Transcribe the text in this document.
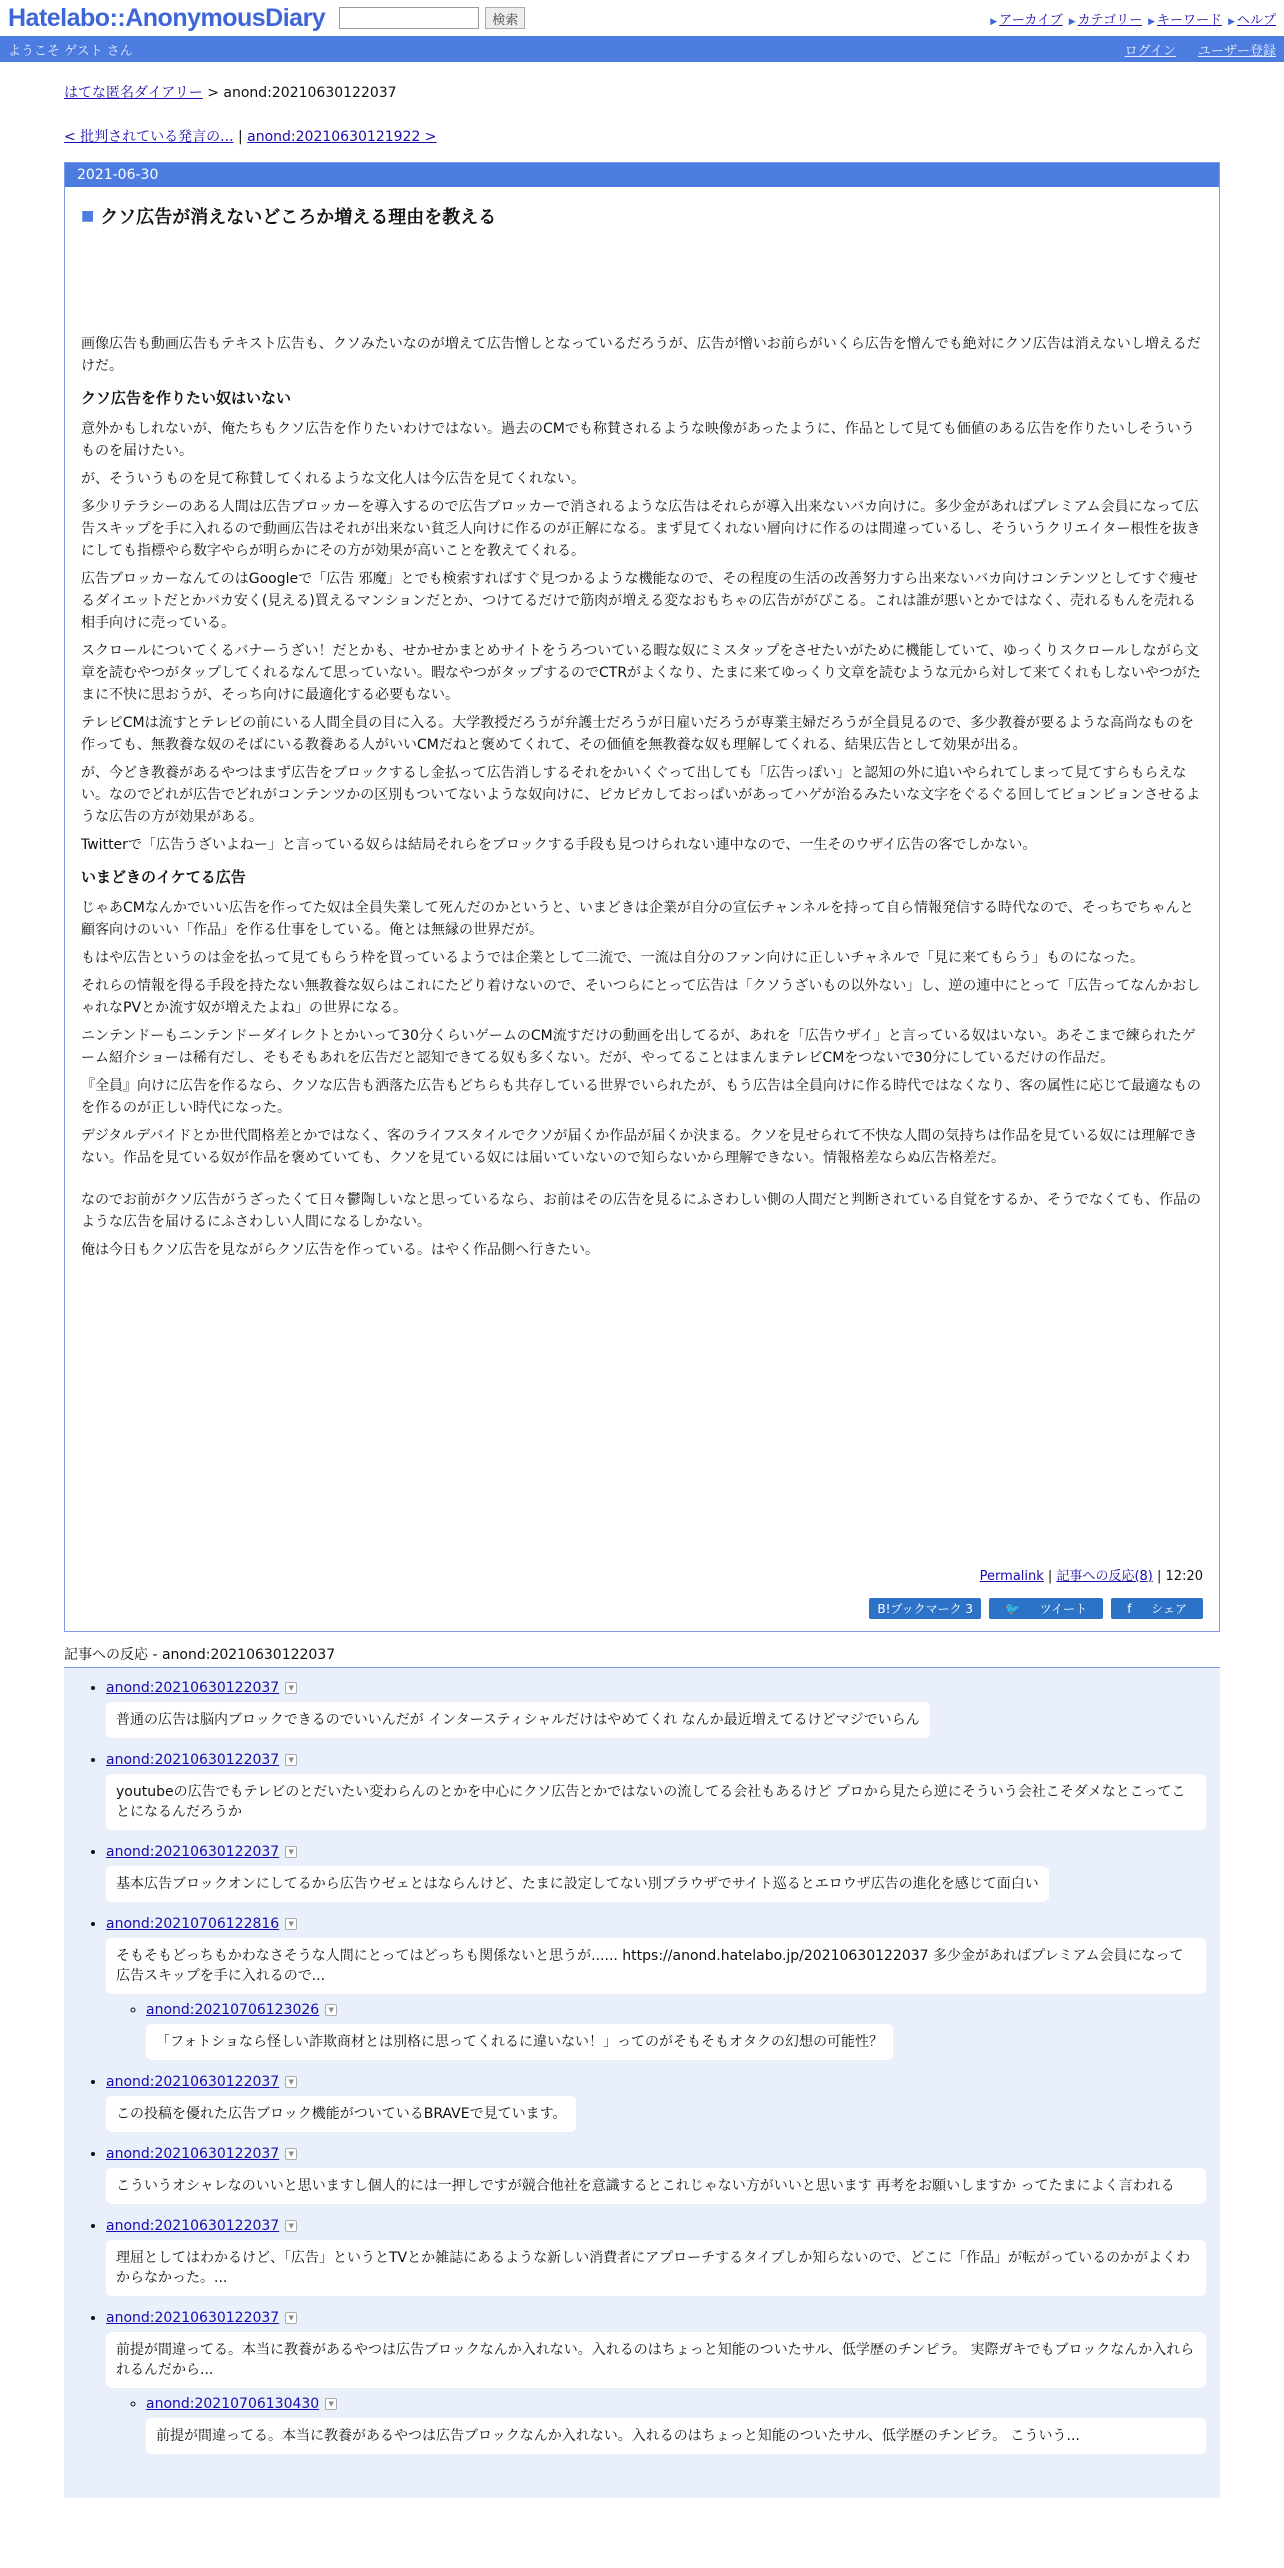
Hatelabo::AnonymousDiary	検索	▶ アーカイブ ▶ カテゴリー ▶ キーワード ▶ ヘルプ
ようこそ ゲスト さん	ログイン ユーザー登録
はてな匿名ダイアリー > anond:20210630122037
< 批判されている発言の... | anond:20210630121922 >
2021-06-30
■ クソ広告が消えないどころか増える理由を教える

画像広告も動画広告もテキスト広告も、クソみたいなのが増えて広告憎しとなっているだろうが、広告が憎いお前らがいくら広告を憎んでも絶対にクソ広告は消えないし増えるだけだ。

クソ広告を作りたい奴はいない

意外かもしれないが、俺たちもクソ広告を作りたいわけではない。過去のCMでも称賛されるような映像があったように、作品として見ても価値のある広告を作りたいしそういうものを届けたい。

が、そういうものを見て称賛してくれるような文化人は今広告を見てくれない。

多少リテラシーのある人間は広告ブロッカーを導入するので広告ブロッカーで消されるような広告はそれらが導入出来ないバカ向けに。多少金があればプレミアム会員になって広告スキップを手に入れるので動画広告はそれが出来ない貧乏人向けに作るのが正解になる。まず見てくれない層向けに作るのは間違っているし、そういうクリエイター根性を抜きにしても指標やら数字やらが明らかにその方が効果が高いことを教えてくれる。

広告ブロッカーなんてのはGoogleで「広告 邪魔」とでも検索すればすぐ見つかるような機能なので、その程度の生活の改善努力すら出来ないバカ向けコンテンツとしてすぐ痩せるダイエットだとかバカ安く(見える)買えるマンションだとか、つけてるだけで筋肉が増える変なおもちゃの広告ががぴこる。これは誰が悪いとかではなく、売れるもんを売れる相手向けに売っている。

スクロールについてくるバナーうざい！だとかも、せかせかまとめサイトをうろついている暇な奴にミスタップをさせたいがために機能していて、ゆっくりスクロールしながら文章を読むやつがタップしてくれるなんて思っていない。暇なやつがタップするのでCTRがよくなり、たまに来てゆっくり文章を読むような元から対して来てくれもしないやつがたまに不快に思おうが、そっち向けに最適化する必要もない。

テレビCMは流すとテレビの前にいる人間全員の目に入る。大学教授だろうが弁護士だろうが日雇いだろうが専業主婦だろうが全員見るので、多少教養が要るような高尚なものを作っても、無教養な奴のそばにいる教養ある人がいいCMだねと褒めてくれて、その価値を無教養な奴も理解してくれる、結果広告として効果が出る。

が、今どき教養があるやつはまず広告をブロックするし金払って広告消しするそれをかいくぐって出しても「広告っぽい」と認知の外に追いやられてしまって見てすらもらえない。なのでどれが広告でどれがコンテンツかの区別もついてないような奴向けに、ピカピカしておっぱいがあってハゲが治るみたいな文字をぐるぐる回してビョンビョンさせるような広告の方が効果がある。

Twitterで「広告うざいよねー」と言っている奴らは結局それらをブロックする手段も見つけられない連中なので、一生そのウザイ広告の客でしかない。

いまどきのイケてる広告

じゃあCMなんかでいい広告を作ってた奴は全員失業して死んだのかというと、いまどきは企業が自分の宣伝チャンネルを持って自ら情報発信する時代なので、そっちでちゃんと顧客向けのいい「作品」を作る仕事をしている。俺とは無縁の世界だが。

もはや広告というのは金を払って見てもらう枠を買っているようでは企業として二流で、一流は自分のファン向けに正しいチャネルで「見に来てもらう」ものになった。

それらの情報を得る手段を持たない無教養な奴らはこれにたどり着けないので、そいつらにとって広告は「クソうざいもの以外ない」し、逆の連中にとって「広告ってなんかおしゃれなPVとか流す奴が増えたよね」の世界になる。

ニンテンドーもニンテンドーダイレクトとかいって30分くらいゲームのCM流すだけの動画を出してるが、あれを「広告ウザイ」と言っている奴はいない。あそこまで練られたゲーム紹介ショーは稀有だし、そもそもあれを広告だと認知できてる奴も多くない。だが、やってることはまんまテレビCMをつないで30分にしているだけの作品だ。

『全員』向けに広告を作るなら、クソな広告も洒落た広告もどちらも共存している世界でいられたが、もう広告は全員向けに作る時代ではなくなり、客の属性に応じて最適なものを作るのが正しい時代になった。

デジタルデバイドとか世代間格差とかではなく、客のライフスタイルでクソが届くか作品が届くか決まる。クソを見せられて不快な人間の気持ちは作品を見ている奴には理解できない。作品を見ている奴が作品を褒めていても、クソを見ている奴には届いていないので知らないから理解できない。情報格差ならぬ広告格差だ。

なのでお前がクソ広告がうざったくて日々鬱陶しいなと思っているなら、お前はその広告を見るにふさわしい側の人間だと判断されている自覚をするか、そうでなくても、作品のような広告を届けるにふさわしい人間になるしかない。

俺は今日もクソ広告を見ながらクソ広告を作っている。はやく作品側へ行きたい。

Permalink | 記事への反応(8) | 12:20
B!ブックマーク 3	🐦 ツイート	f シェア
記事への反応 - anond:20210630122037
• anond:20210630122037 ▼
普通の広告は脳内ブロックできるのでいいんだが インタースティシャルだけはやめてくれ なんか最近増えてるけどマジでいらん
• anond:20210630122037 ▼

youtubeの広告でもテレビのとだいたい変わらんのとかを中心にクソ広告とかではないの流してる会社もあるけど プロから見たら逆にそういう会社こそダメなとこってことになるんだろうか
• anond:20210630122037 ▼
基本広告ブロックオンにしてるから広告ウゼェとはならんけど、たまに設定してない別ブラウザでサイト巡るとエロウザ広告の進化を感じて面白い
• anond:20210706122816 ▼

そもそもどっちもかわなさそうな人間にとってはどっちも関係ないと思うが...... https://anond.hatelabo.jp/20210630122037 多少金があればプレミアム会員になって広告スキップを手に入れるので...
◦ anond:20210706123026 ▼
「フォトショなら怪しい詐欺商材とは別格に思ってくれるに違いない！」ってのがそもそもオタクの幻想の可能性？
• anond:20210630122037 ▼
この投稿を優れた広告ブロック機能がついているBRAVEで見ています。
• anond:20210630122037 ▼

こういうオシャレなのいいと思いますし個人的には一押しですが競合他社を意識するとこれじゃない方がいいと思います 再考をお願いしますか ってたまによく言われる
• anond:20210630122037 ▼

理屈としてはわかるけど、「広告」というとTVとか雑誌にあるような新しい消費者にアプローチするタイプしか知らないので、どこに「作品」が転がっているのかがよくわからなかった。...
• anond:20210630122037 ▼

前提が間違ってる。本当に教養があるやつは広告ブロックなんか入れない。入れるのはちょっと知能のついたサル、低学歴のチンピラ。 実際ガキでもブロックなんか入れられるんだから...
◦ anond:20210706130430 ▼

前提が間違ってる。本当に教養があるやつは広告ブロックなんか入れない。入れるのはちょっと知能のついたサル、低学歴のチンピラ。 こういう...
